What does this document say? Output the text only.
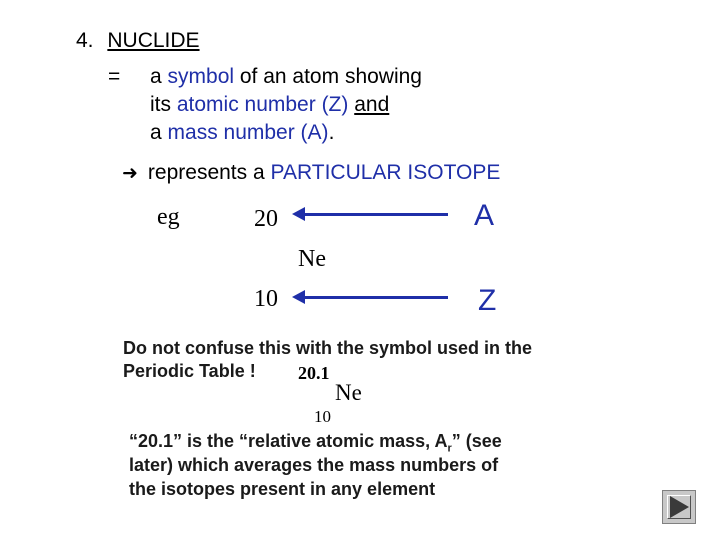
4. NUCLIDE
= a symbol of an atom showing
its atomic number (Z) and
a mass number (A).
➜ represents a PARTICULAR ISOTOPE
eg	20
Ne
10
A
Z
Do not confuse this with the symbol used in the
Periodic Table ! 20.1
Ne
10
“20.1” is the “relative atomic mass, $A_r$” (see
later) which averages the mass numbers of
the isotopes present in any element
